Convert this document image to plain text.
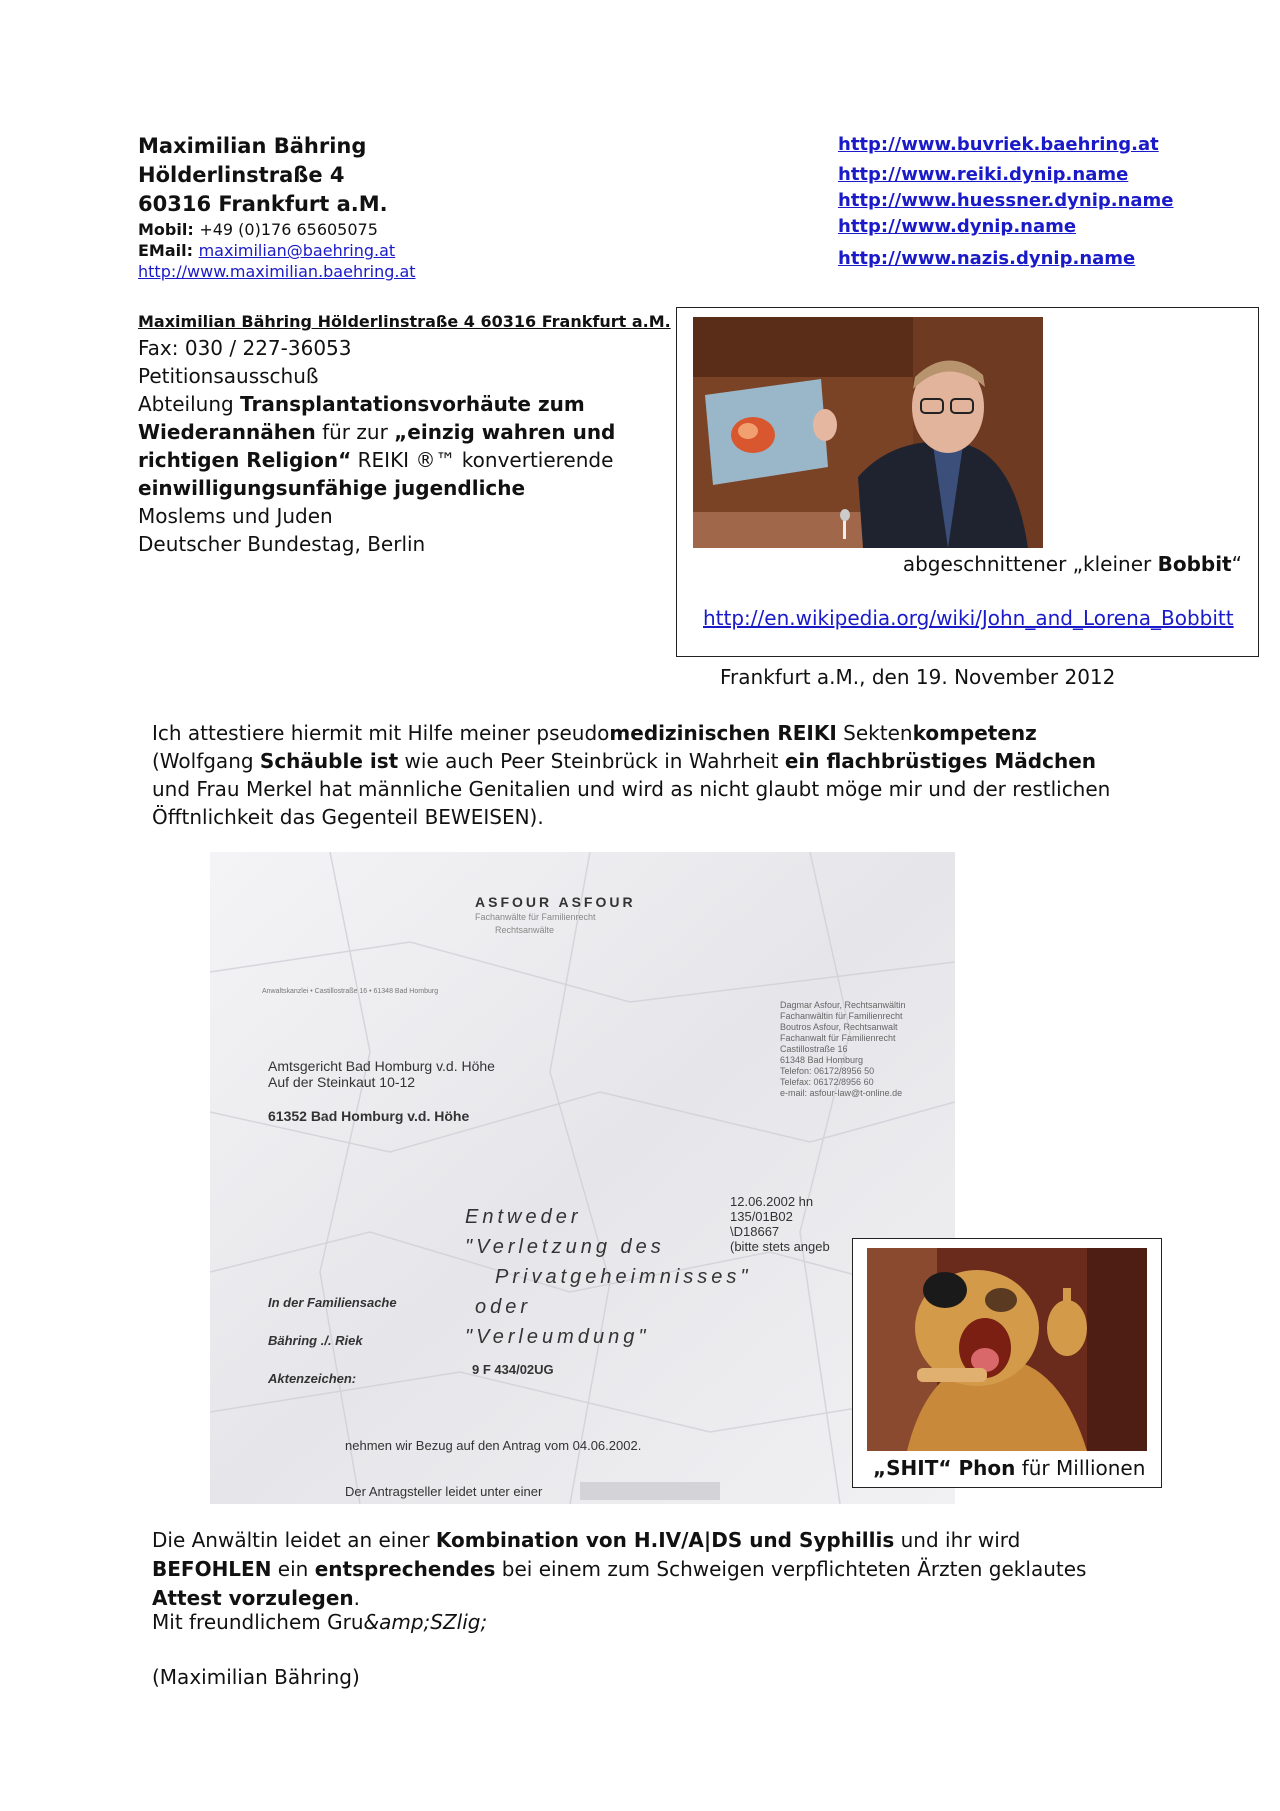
Maximilian Bähring
Hölderlinstraße 4
60316 Frankfurt a.M.
Mobil: +49 (0)176 65605075
EMail: maximilian@baehring.at
http://www.maximilian.baehring.at
http://www.buvriek.baehring.at
http://www.reiki.dynip.name
http://www.huessner.dynip.name
http://www.dynip.name
http://www.nazis.dynip.name
Maximilian Bähring Hölderlinstraße 4 60316 Frankfurt a.M.
Fax: 030 / 227-36053
Petitionsausschuß
Abteilung Transplantationsvorhäute zum Wiederannähen für zur „einzig wahren und richtigen Religion“ REIKI ®™ konvertierende einwilligungsunfähige jugendliche
Moslems und Juden
Deutscher Bundestag, Berlin
abgeschnittener „kleiner Bobbit“
http://en.wikipedia.org/wiki/John_and_Lorena_Bobbitt
Frankfurt a.M., den 19. November 2012
Ich attestiere hiermit mit Hilfe meiner pseudomedizinischen REIKI Sektenkompetenz (Wolfgang Schäuble ist wie auch Peer Steinbrück in Wahrheit ein flachbrüstiges Mädchen und Frau Merkel hat männliche Genitalien und wird as nicht glaubt möge mir und der restlichen Öfftnlichkeit das Gegenteil BEWEISEN).
ASFOUR ASFOUR
Fachanwälte für Familienrecht
Rechtsanwälte
Anwaltskanzlei • Castillostraße 16 • 61348 Bad Homburg
Dagmar Asfour, Rechtsanwältin
Fachanwältin für Familienrecht
Boutros Asfour, Rechtsanwalt
Fachanwalt für Familienrecht
Castillostraße 16
61348 Bad Homburg
Telefon: 06172/8956 50
Telefax: 06172/8956 60
e-mail: asfour-law@t-online.de
Amtsgericht Bad Homburg v.d. Höhe
Auf der Steinkaut 10-12
61352 Bad Homburg v.d. Höhe
12.06.2002 hn
135/01B02
\D18667
(bitte stets angeb
In der Familiensache
Bähring ./. Riek
Aktenzeichen:
9 F 434/02UG
Entweder
"Verletzung des
Privatgeheimnisses"
oder
"Verleumdung"
nehmen wir Bezug auf den Antrag vom 04.06.2002.
Der Antragsteller leidet unter einer
„SHIT“ Phon für Millionen
Die Anwältin leidet an einer Kombination von H.IV/A|DS und Syphillis und ihr wird BEFOHLEN ein entsprechendes bei einem zum Schweigen verpflichteten Ärzten geklautes Attest vorzulegen.
Mit freundlichem Gru&amp;SZlig;
(Maximilian Bähring)
